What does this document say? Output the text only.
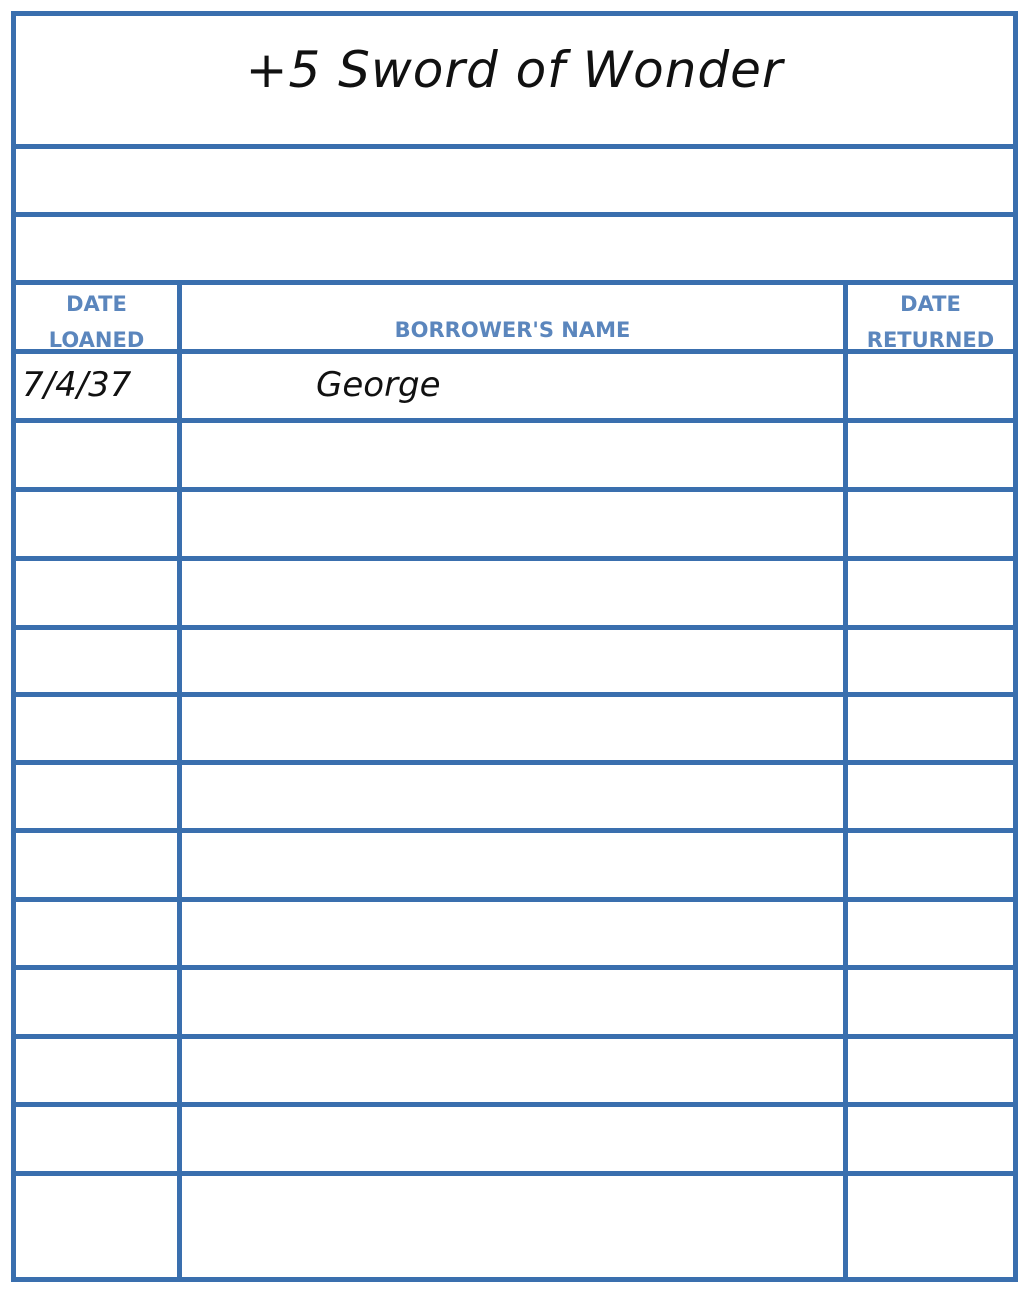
+5 Sword of Wonder
DATE
LOANED	BORROWER'S NAME
DATE
RETURNED
7/4/37	George
